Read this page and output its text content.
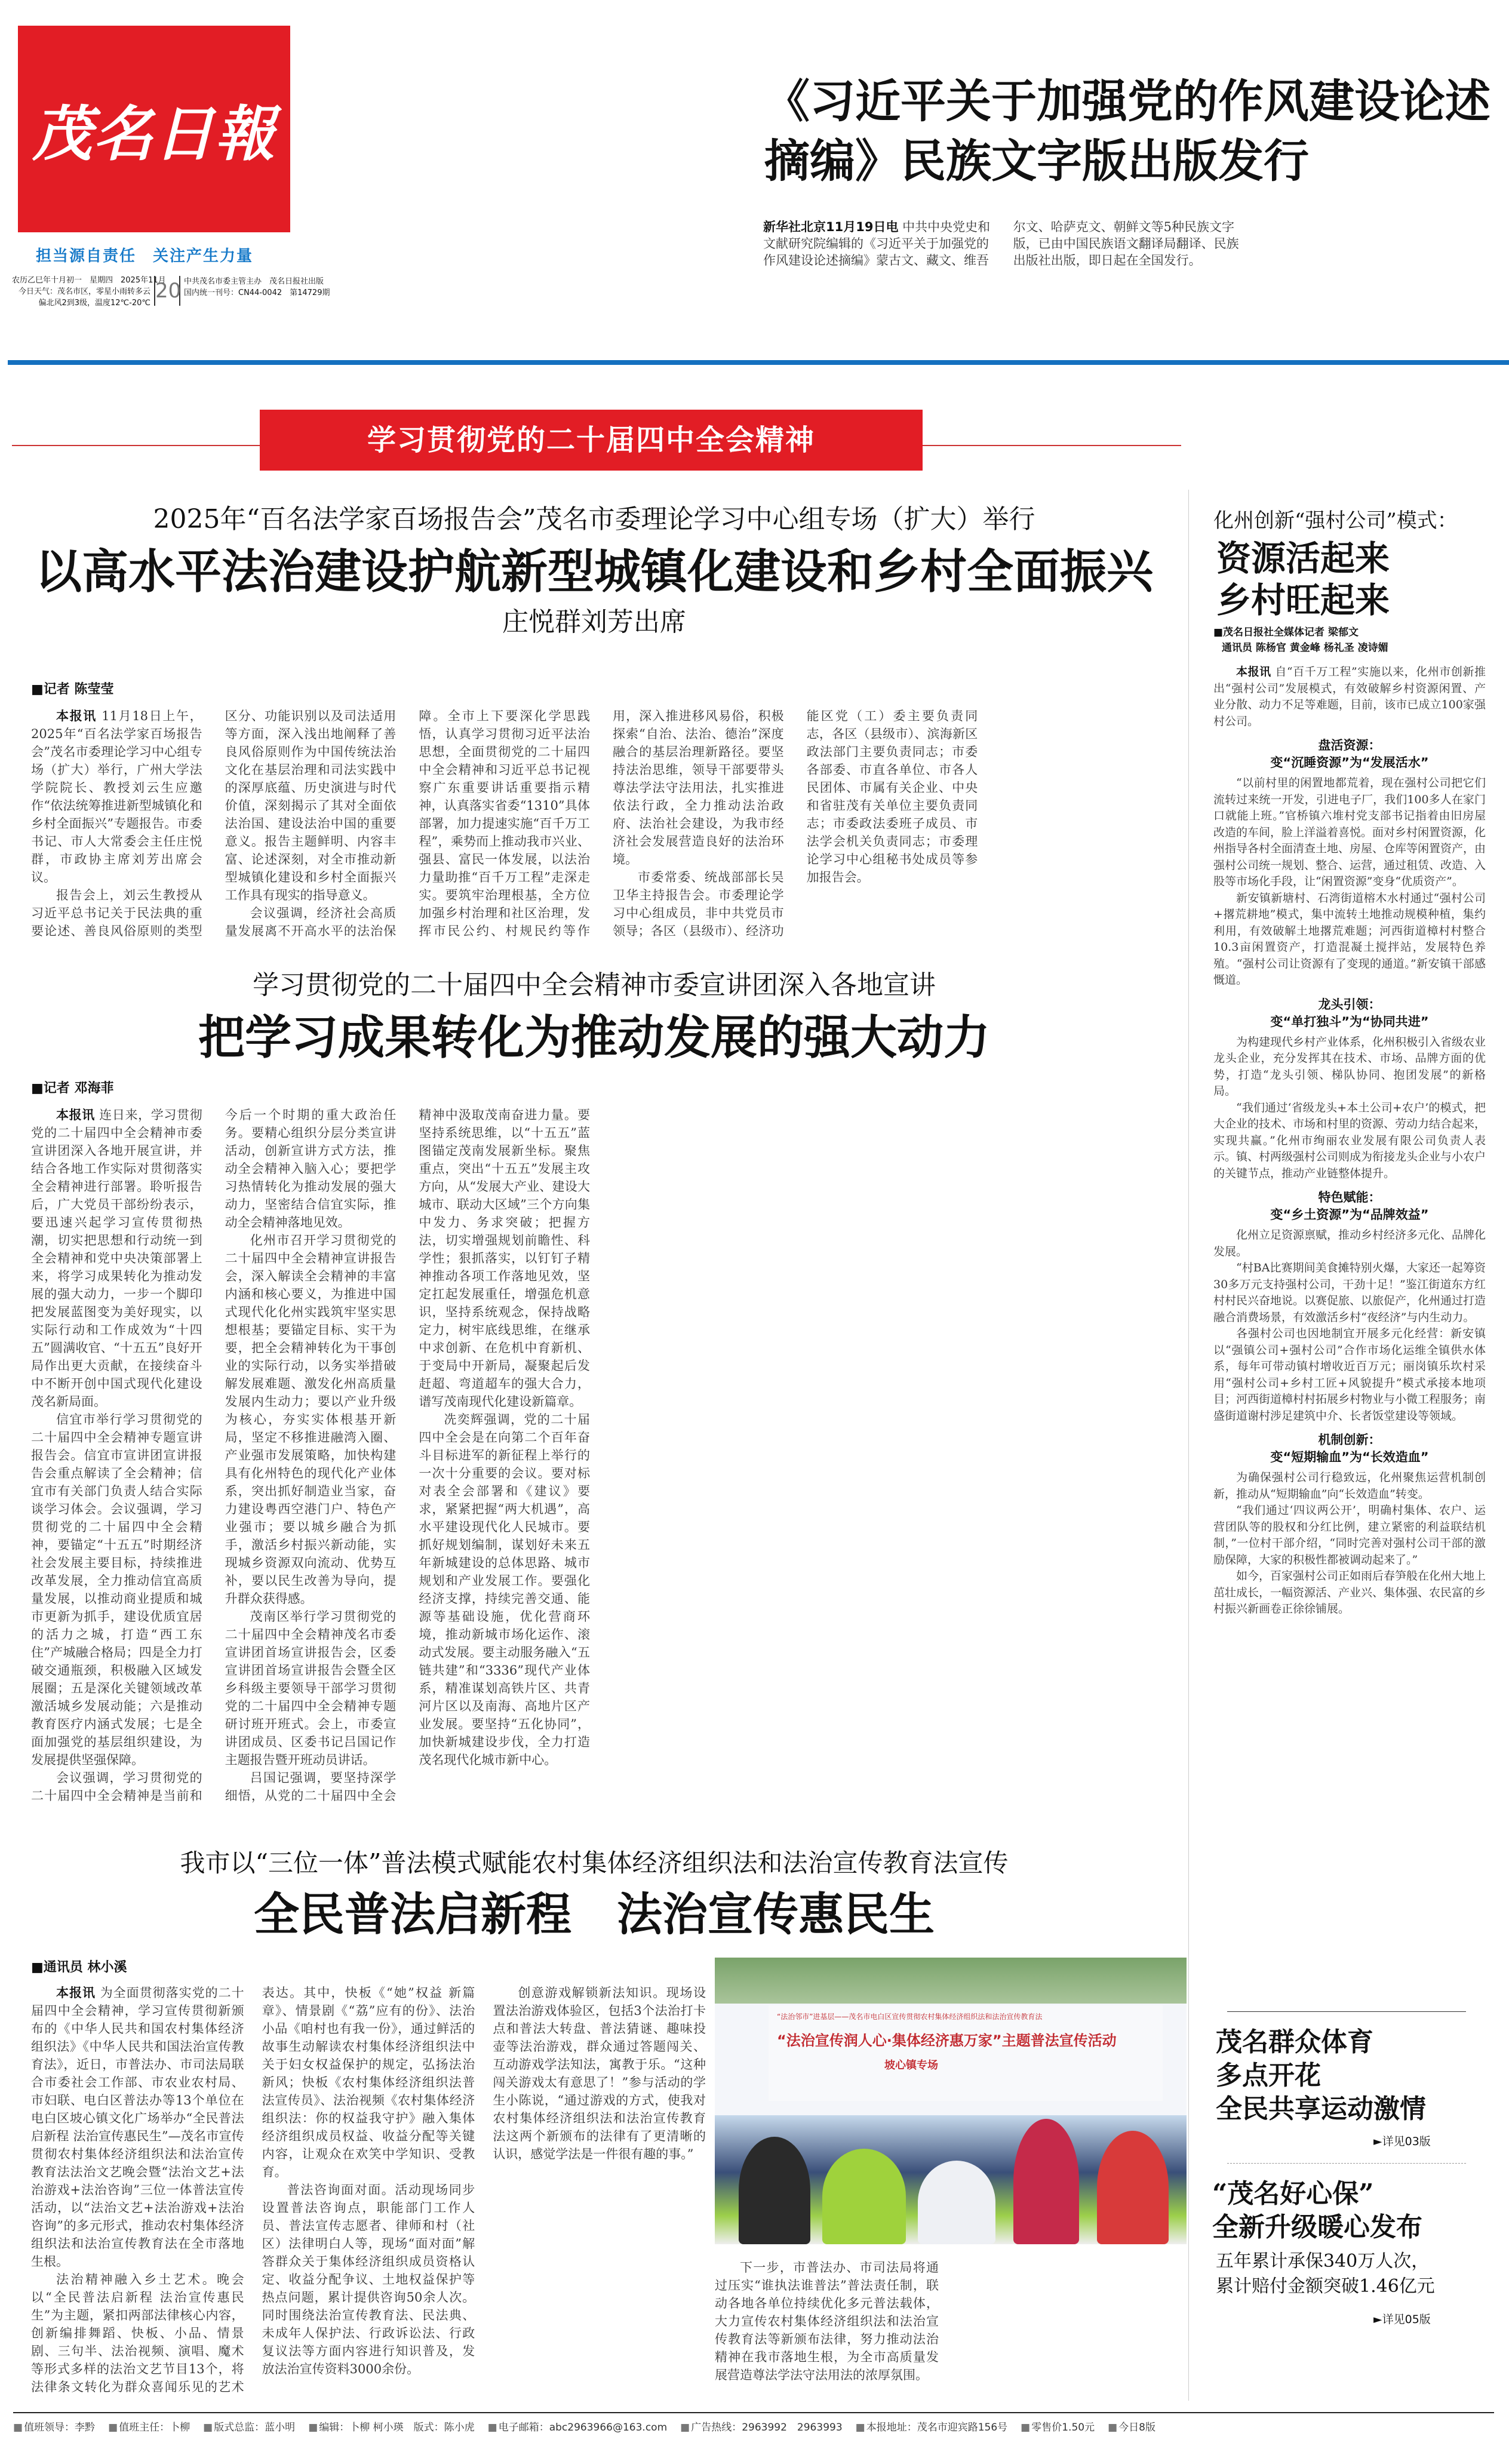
茂名日報
担当源自责任　关注产生力量
农历乙巳年十月初一　星期四　2025年11月
今日天气：茂名市区，零星小雨转多云
偏北风2到3级，温度12℃-20℃
20 中共茂名市委主管主办　茂名日报社出版
国内统一刊号：CN44-0042　第14729期
《习近平关于加强党的作风建设论述摘编》民族文字版出版发行
新华社北京11月19日电 中共中央党史和文献研究院编辑的《习近平关于加强党的作风建设论述摘编》蒙古文、藏文、维吾尔文、哈萨克文、朝鲜文等5种民族文字版，已由中国民族语文翻译局翻译、民族出版社出版，即日起在全国发行。
学习贯彻党的二十届四中全会精神
2025年“百名法学家百场报告会”茂名市委理论学习中心组专场（扩大）举行
以高水平法治建设护航新型城镇化建设和乡村全面振兴
庄悦群刘芳出席
■记者 陈莹莹

本报讯 11月18日上午，2025年“百名法学家百场报告会”茂名市委理论学习中心组专场（扩大）举行，广州大学法学院院长、教授刘云生应邀作“依法统筹推进新型城镇化和乡村全面振兴”专题报告。市委书记、市人大常委会主任庄悦群，市政协主席刘芳出席会议。

报告会上，刘云生教授从习近平总书记关于民法典的重要论述、善良风俗原则的类型区分、功能识别以及司法适用等方面，深入浅出地阐释了善良风俗原则作为中国传统法治文化在基层治理和司法实践中的深厚底蕴、历史演进与时代价值，深刻揭示了其对全面依法治国、建设法治中国的重要意义。报告主题鲜明、内容丰富、论述深刻，对全市推动新型城镇化建设和乡村全面振兴工作具有现实的指导意义。

会议强调，经济社会高质量发展离不开高水平的法治保障。全市上下要深化学思践悟，认真学习贯彻习近平法治思想，全面贯彻党的二十届四中全会精神和习近平总书记视察广东重要讲话重要指示精神，认真落实省委“1310”具体部署，加力提速实施“百千万工程”，乘势而上推动我市兴业、强县、富民一体发展，以法治力量助推“百千万工程”走深走实。要筑牢治理根基，全方位加强乡村治理和社区治理，发挥市民公约、村规民约等作用，深入推进移风易俗，积极探索“自治、法治、德治”深度融合的基层治理新路径。要坚持法治思维，领导干部要带头尊法学法守法用法，扎实推进依法行政，全力推动法治政府、法治社会建设，为我市经济社会发展营造良好的法治环境。

市委常委、统战部部长吴卫华主持报告会。市委理论学习中心组成员，非中共党员市领导；各区（县级市）、经济功能区党（工）委主要负责同志，各区（县级市）、滨海新区政法部门主要负责同志；市委各部委、市直各单位、市各人民团体、市属有关企业、中央和省驻茂有关单位主要负责同志；市委政法委班子成员、市法学会机关负责同志；市委理论学习中心组秘书处成员等参加报告会。

学习贯彻党的二十届四中全会精神市委宣讲团深入各地宣讲
把学习成果转化为推动发展的强大动力
■记者 邓海菲

本报讯 连日来，学习贯彻党的二十届四中全会精神市委宣讲团深入各地开展宣讲，并结合各地工作实际对贯彻落实全会精神进行部署。聆听报告后，广大党员干部纷纷表示，要迅速兴起学习宣传贯彻热潮，切实把思想和行动统一到全会精神和党中央决策部署上来，将学习成果转化为推动发展的强大动力，一步一个脚印把发展蓝图变为美好现实，以实际行动和工作成效为“十四五”圆满收官、“十五五”良好开局作出更大贡献，在接续奋斗中不断开创中国式现代化建设茂名新局面。

信宜市举行学习贯彻党的二十届四中全会精神专题宣讲报告会。信宜市宣讲团宣讲报告会重点解读了全会精神；信宜市有关部门负责人结合实际谈学习体会。会议强调，学习贯彻党的二十届四中全会精神，要锚定“十五五”时期经济社会发展主要目标，持续推进改革发展，全力推动信宜高质量发展，以推动商业提质和城市更新为抓手，建设优质宜居的活力之城，打造“西工东住”产城融合格局；四是全力打破交通瓶颈，积极融入区域发展圈；五是深化关键领域改革激活城乡发展动能；六是推动教育医疗内涵式发展；七是全面加强党的基层组织建设，为发展提供坚强保障。

会议强调，学习贯彻党的二十届四中全会精神是当前和今后一个时期的重大政治任务。要精心组织分层分类宣讲活动，创新宣讲方式方法，推动全会精神入脑入心；要把学习热情转化为推动发展的强大动力，坚密结合信宜实际，推动全会精神落地见效。

化州市召开学习贯彻党的二十届四中全会精神宣讲报告会，深入解读全会精神的丰富内涵和核心要义，为推进中国式现代化化州实践筑牢坚实思想根基；要锚定目标、实干为要，把全会精神转化为干事创业的实际行动，以务实举措破解发展难题、激发化州高质量发展内生动力；要以产业升级为核心，夯实实体根基开新局，坚定不移推进融湾入圈、产业强市发展策略，加快构建具有化州特色的现代化产业体系，突出抓好制造业当家，奋力建设粤西空港门户、特色产业强市；要以城乡融合为抓手，激活乡村振兴新动能，实现城乡资源双向流动、优势互补，要以民生改善为导向，提升群众获得感。

茂南区举行学习贯彻党的二十届四中全会精神茂名市委宣讲团首场宣讲报告会，区委宣讲团首场宣讲报告会暨全区乡科级主要领导干部学习贯彻党的二十届四中全会精神专题研讨班开班式。会上，市委宣讲团成员、区委书记吕国记作主题报告暨开班动员讲话。

吕国记强调，要坚持深学细悟，从党的二十届四中全会精神中汲取茂南奋进力量。要坚持系统思维，以“十五五”蓝图锚定茂南发展新坐标。聚焦重点，突出“十五五”发展主攻方向，从“发展大产业、建设大城市、联动大区域”三个方向集中发力、务求突破；把握方法，切实增强规划前瞻性、科学性；狠抓落实，以钉钉子精神推动各项工作落地见效，坚定扛起发展重任，增强危机意识，坚持系统观念，保持战略定力，树牢底线思维，在继承中求创新、在危机中育新机、于变局中开新局，凝聚起后发赶超、弯道超车的强大合力，谱写茂南现代化建设新篇章。

冼奕辉强调，党的二十届四中全会是在向第二个百年奋斗目标进军的新征程上举行的一次十分重要的会议。要对标对表全会部署和《建议》要求，紧紧把握“两大机遇”，高水平建设现代化人民城市。要抓好规划编制，谋划好未来五年新城建设的总体思路、城市规划和产业发展工作。要强化经济支撑，持续完善交通、能源等基础设施，优化营商环境，推动新城市场化运作、滚动式发展。要主动服务融入“五链共建”和“3336”现代产业体系，精准谋划高铁片区、共青河片区以及南海、高地片区产业发展。要坚持“五化协同”，加快新城建设步伐，全力打造茂名现代化城市新中心。

我市以“三位一体”普法模式赋能农村集体经济组织法和法治宣传教育法宣传
全民普法启新程　法治宣传惠民生
■通讯员 林小溪

本报讯 为全面贯彻落实党的二十届四中全会精神，学习宣传贯彻新颁布的《中华人民共和国农村集体经济组织法》《中华人民共和国法治宣传教育法》，近日，市普法办、市司法局联合市委社会工作部、市农业农村局、市妇联、电白区普法办等13个单位在电白区坡心镇文化广场举办“全民普法启新程 法治宣传惠民生”—茂名市宣传贯彻农村集体经济组织法和法治宣传教育法法治文艺晚会暨“法治文艺+法治游戏+法治咨询”三位一体普法宣传活动，以“法治文艺+法治游戏+法治咨询”的多元形式，推动农村集体经济组织法和法治宣传教育法在全市落地生根。

法治精神融入乡土艺术。晚会以“全民普法启新程 法治宣传惠民生”为主题，紧扣两部法律核心内容，创新编排舞蹈、快板、小品、情景剧、三句半、法治视频、演唱、魔术等形式多样的法治文艺节目13个，将法律条文转化为群众喜闻乐见的艺术表达。其中，快板《“她”权益 新篇章》、情景剧《“荔”应有的份》、法治小品《咱村也有我一份》，通过鲜活的故事生动解读农村集体经济组织法中关于妇女权益保护的规定，弘扬法治新风；快板《农村集体经济组织法普法宣传员》、法治视频《农村集体经济组织法：你的权益我守护》融入集体经济组织成员权益、收益分配等关键内容，让观众在欢笑中学知识、受教育。

普法咨询面对面。活动现场同步设置普法咨询点，职能部门工作人员、普法宣传志愿者、律师和村（社区）法律明白人等，现场“面对面”解答群众关于集体经济组织成员资格认定、收益分配争议、土地权益保护等热点问题，累计提供咨询50余人次。同时围绕法治宣传教育法、民法典、未成年人保护法、行政诉讼法、行政复议法等方面内容进行知识普及，发放法治宣传资料3000余份。

创意游戏解锁新法知识。现场设置法治游戏体验区，包括3个法治打卡点和普法大转盘、普法猜谜、趣味投壶等法治游戏，群众通过答题闯关、互动游戏学法知法，寓教于乐。“这种闯关游戏太有意思了！”参与活动的学生小陈说，“通过游戏的方式，使我对农村集体经济组织法和法治宣传教育法这两个新颁布的法律有了更清晰的认识，感觉学法是一件很有趣的事。”

“法治邻市”进基层——茂名市电白区宣传贯彻农村集体经济组织法和法治宣传教育法
“法治宣传润人心·集体经济惠万家”主题普法宣传活动
坡心镇专场

下一步，市普法办、市司法局将通过压实“谁执法谁普法”普法责任制，联动各地各单位持续优化多元普法载体，大力宣传农村集体经济组织法和法治宣传教育法等新颁布法律，努力推动法治精神在我市落地生根，为全市高质量发展营造尊法学法守法用法的浓厚氛围。

化州创新“强村公司”模式：
资源活起来
乡村旺起来
■茂名日报社全媒体记者 梁郁文
通讯员 陈杨官 黄金峰 杨礼圣 凌诗媚

本报讯 自“百千万工程”实施以来，化州市创新推出“强村公司”发展模式，有效破解乡村资源闲置、产业分散、动力不足等难题，目前，该市已成立100家强村公司。

盘活资源：
变“沉睡资源”为“发展活水”

“以前村里的闲置地都荒着，现在强村公司把它们流转过来统一开发，引进电子厂，我们100多人在家门口就能上班。”官桥镇六堆村党支部书记指着由旧房屋改造的车间，脸上洋溢着喜悦。面对乡村闲置资源，化州指导各村全面清查土地、房屋、仓库等闲置资产，由强村公司统一规划、整合、运营，通过租赁、改造、入股等市场化手段，让“闲置资源”变身“优质资产”。

新安镇新塘村、石湾街道榕木水村通过“强村公司+撂荒耕地”模式，集中流转土地推动规模种植，集约利用，有效破解土地撂荒难题；河西街道樟村村整合10.3亩闲置资产，打造混凝土搅拌站，发展特色养殖。“强村公司让资源有了变现的通道。”新安镇干部感慨道。

龙头引领：
变“单打独斗”为“协同共进”

为构建现代乡村产业体系，化州积极引入省级农业龙头企业，充分发挥其在技术、市场、品牌方面的优势，打造“龙头引领、梯队协同、抱团发展”的新格局。

“我们通过‘省级龙头+本土公司+农户’的模式，把大企业的技术、市场和村里的资源、劳动力结合起来，实现共赢。”化州市绚丽农业发展有限公司负责人表示。镇、村两级强村公司则成为衔接龙头企业与小农户的关键节点，推动产业链整体提升。

特色赋能：
变“乡土资源”为“品牌效益”

化州立足资源禀赋，推动乡村经济多元化、品牌化发展。

“村BA比赛期间美食摊特别火爆，大家还一起筹资30多万元支持强村公司，干劲十足！”鉴江街道东方红村村民兴奋地说。以赛促旅、以旅促产，化州通过打造融合消费场景，有效激活乡村“夜经济”与内生动力。

各强村公司也因地制宜开展多元化经营：新安镇以“强镇公司+强村公司”合作市场化运维全镇供水体系，每年可带动镇村增收近百万元；丽岗镇乐坎村采用“强村公司+乡村工匠+风貌提升”模式承接本地项目；河西街道樟村村拓展乡村物业与小微工程服务；南盛街道谢村涉足建筑中介、长者饭堂建设等领域。

机制创新：
变“短期输血”为“长效造血”

为确保强村公司行稳致远，化州聚焦运营机制创新，推动从“短期输血”向“长效造血”转变。

“我们通过‘四议两公开’，明确村集体、农户、运营团队等的股权和分红比例，建立紧密的利益联结机制，”一位村干部介绍，“同时完善对强村公司干部的激励保障，大家的积极性都被调动起来了。”

如今，百家强村公司正如雨后春笋般在化州大地上茁壮成长，一幅资源活、产业兴、集体强、农民富的乡村振兴新画卷正徐徐铺展。

茂名群众体育
多点开花
全民共享运动激情
►详见03版
“茂名好心保”
全新升级暖心发布
五年累计承保340万人次，
累计赔付金额突破1.46亿元
►详见05版
■ 值班领导：李黔	■ 值班主任：卜柳	■ 版式总监：蓝小明	■ 编辑：卜柳 柯小瑛　版式：陈小虎	■ 电子邮箱：abc2963966@163.com	■ 广告热线：2963992　2963993	■ 本报地址：茂名市迎宾路156号	■ 零售价1.50元	■ 今日8版
